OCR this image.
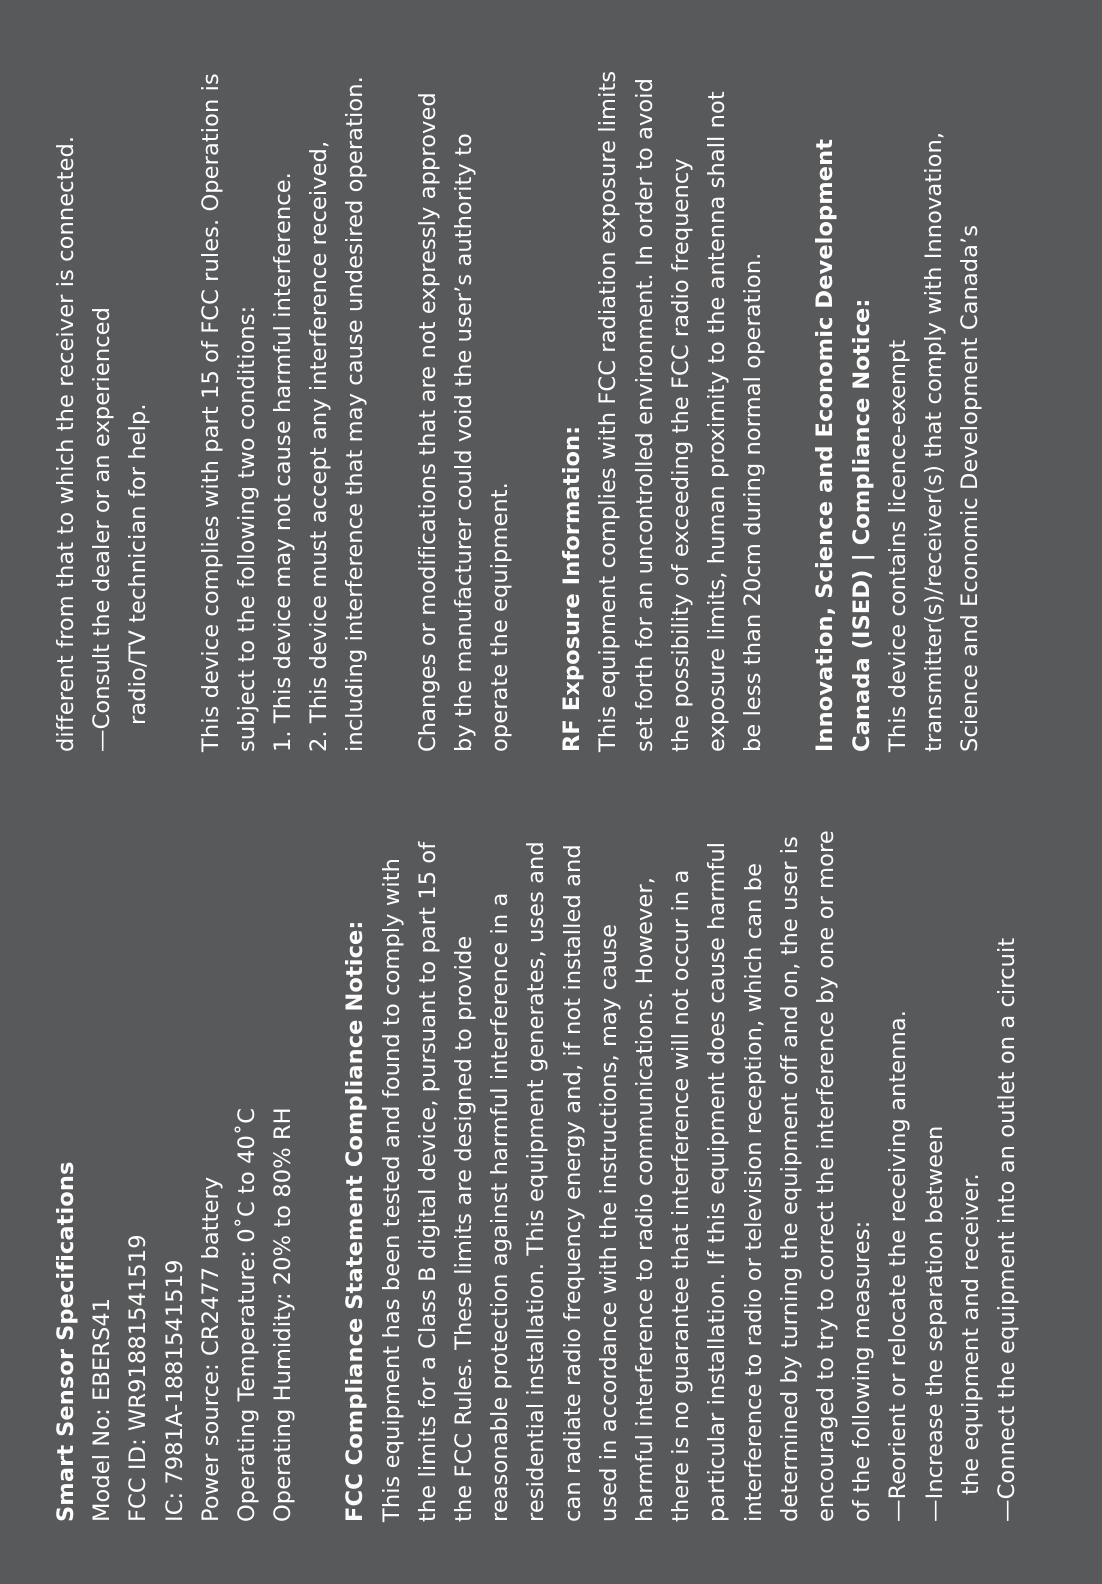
Smart Sensor Specifications Model No: EBERS41 FCC ID: WR91881541519 IC: 7981A-1881541519 Power source: CR2477 battery Operating Temperature: 0˚C to 40˚C Operating Humidity: 20% to 80% RH FCC Compliance Statement Compliance Notice: This equipment has been tested and found to comply with the limits for a Class B digital device, pursuant to part 15 of the FCC Rules. These limits are designed to provide reasonable protection against harmful interference in a residential installation. This equipment generates, uses and can radiate radio frequency energy and, if not installed and used in accordance with the instructions, may cause harmful interference to radio communications. However, there is no guarantee that interference will not occur in a particular installation. If this equipment does cause harmful interference to radio or television reception, which can be determined by turning the equipment off and on, the user is encouraged to try to correct the interference by one or more of the following measures: —Reorient or relocate the receiving antenna. —Increase the separation between the equipment and receiver. —Connect the equipment into an outlet on a circuit

different from that to which the receiver is connected. —Consult the dealer or an experienced radio/TV technician for help. This device complies with part 15 of FCC rules. Operation is subject to the following two conditions: 1. This device may not cause harmful interference. 2. This device must accept any interference received, including interference that may cause undesired operation. Changes or modifications that are not expressly approved by the manufacturer could void the user’s authority to operate the equipment. RF Exposure Information: This equipment complies with FCC radiation exposure limits set forth for an uncontrolled environment. In order to avoid the possibility of exceeding the FCC radio frequency exposure limits, human proximity to the antenna shall not be less than 20cm during normal operation. Innovation, Science and Economic Development Canada (ISED) | Compliance Notice: This device contains licence-exempt transmitter(s)/receiver(s) that comply with Innovation, Science and Economic Development Canada’s
